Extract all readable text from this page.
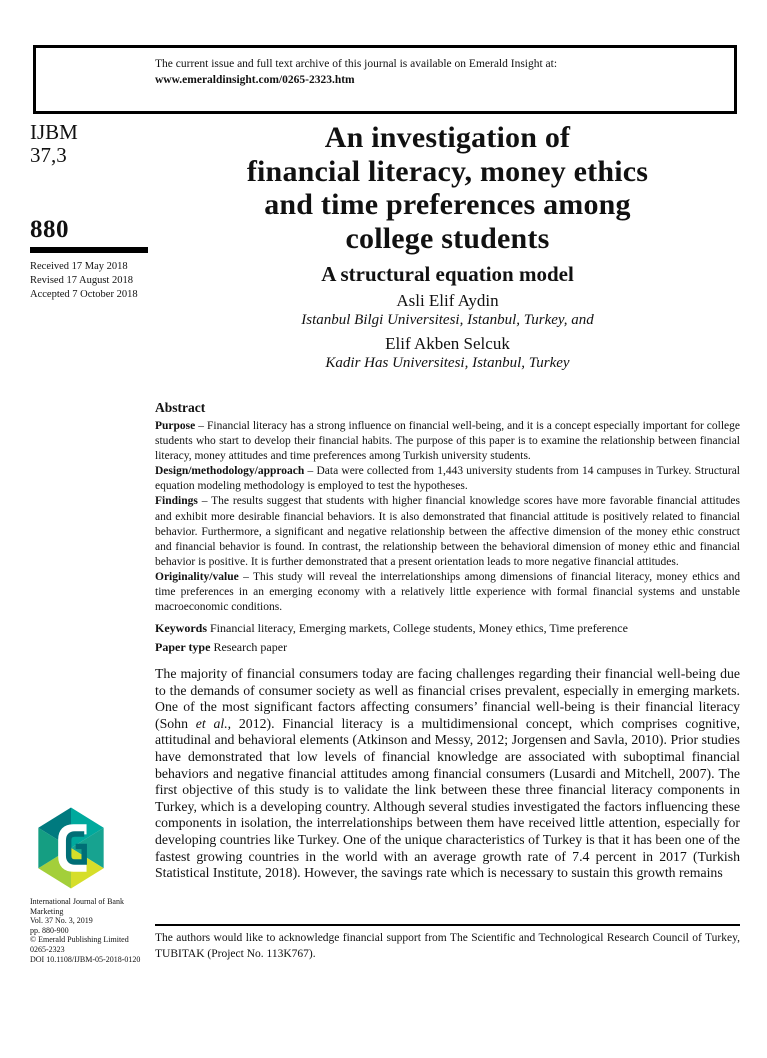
The current issue and full text archive of this journal is available on Emerald Insight at:
www.emeraldinsight.com/0265-2323.htm
IJBM
37,3
880
Received 17 May 2018
Revised 17 August 2018
Accepted 7 October 2018
An investigation of
financial literacy, money ethics
and time preferences among
college students
A structural equation model
Asli Elif Aydin
Istanbul Bilgi Universitesi, Istanbul, Turkey, and
Elif Akben Selcuk
Kadir Has Universitesi, Istanbul, Turkey
Abstract

Purpose – Financial literacy has a strong influence on financial well-being, and it is a concept especially important for college students who start to develop their financial habits. The purpose of this paper is to examine the relationship between financial literacy, money attitudes and time preferences among Turkish university students.

Design/methodology/approach – Data were collected from 1,443 university students from 14 campuses in Turkey. Structural equation modeling methodology is employed to test the hypotheses.

Findings – The results suggest that students with higher financial knowledge scores have more favorable financial attitudes and exhibit more desirable financial behaviors. It is also demonstrated that financial attitude is positively related to financial behavior. Furthermore, a significant and negative relationship between the affective dimension of the money ethic construct and financial behavior is found. In contrast, the relationship between the behavioral dimension of money ethic and financial behavior is positive. It is further demonstrated that a present orientation leads to more negative financial attitudes.

Originality/value – This study will reveal the interrelationships among dimensions of financial literacy, money ethics and time preferences in an emerging economy with a relatively little experience with formal financial systems and unstable macroeconomic conditions.

Keywords Financial literacy, Emerging markets, College students, Money ethics, Time preference
Paper type Research paper

The majority of financial consumers today are facing challenges regarding their financial well-being due to the demands of consumer society as well as financial crises prevalent, especially in emerging markets. One of the most significant factors affecting consumers’ financial well-being is their financial literacy (Sohn et al., 2012). Financial literacy is a multidimensional concept, which comprises cognitive, attitudinal and behavioral elements (Atkinson and Messy, 2012; Jorgensen and Savla, 2010). Prior studies have demonstrated that low levels of financial knowledge are associated with suboptimal financial behaviors and negative financial attitudes among financial consumers (Lusardi and Mitchell, 2007). The first objective of this study is to validate the link between these three financial literacy components in Turkey, which is a developing country. Although several studies investigated the factors influencing these components in isolation, the interrelationships between them have received little attention, especially for developing countries like Turkey. One of the unique characteristics of Turkey is that it has been one of the fastest growing countries in the world with an average growth rate of 7.4 percent in 2017 (Turkish Statistical Institute, 2018). However, the savings rate which is necessary to sustain this growth remains

The authors would like to acknowledge financial support from The Scientific and Technological Research Council of Turkey, TUBITAK (Project No. 113K767).

International Journal of Bank
Marketing
Vol. 37 No. 3, 2019
pp. 880-900
© Emerald Publishing Limited
0265-2323
DOI 10.1108/IJBM-05-2018-0120
